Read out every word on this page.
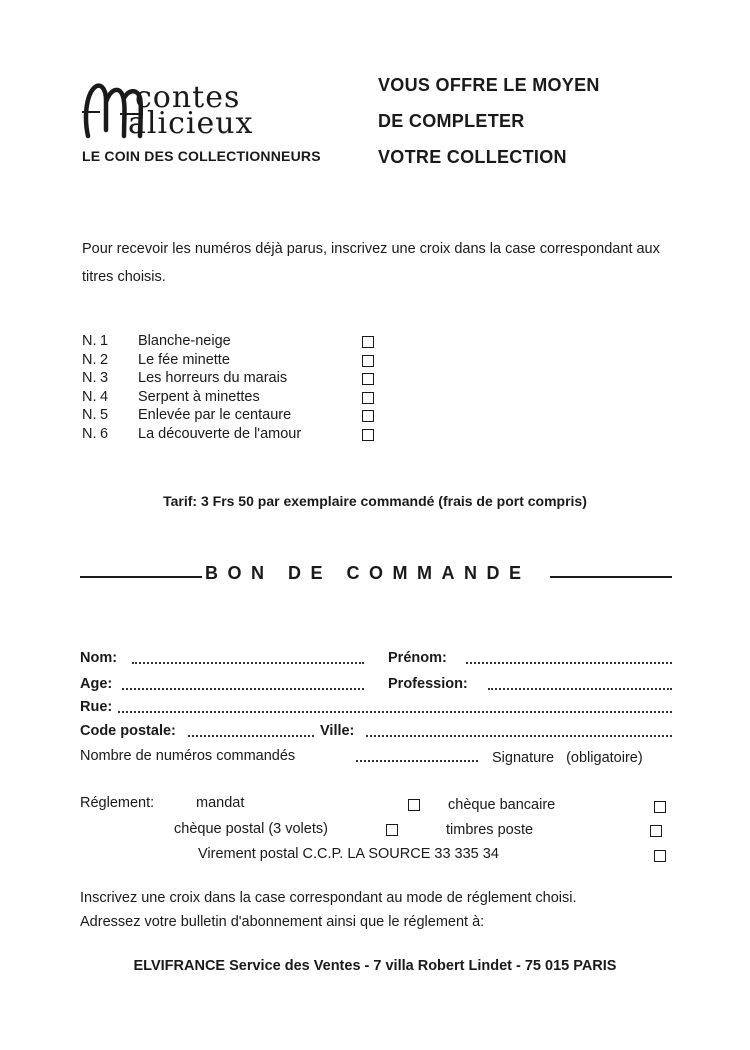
contes
alicieux
LE COIN DES COLLECTIONNEURS
VOUS OFFRE LE MOYEN
DE COMPLETER
VOTRE COLLECTION
Pour recevoir les numéros déjà parus, inscrivez une croix dans la case correspondant aux titres choisis.
N. 1	Blanche-neige
N. 2	Le fée minette
N. 3	Les horreurs du marais
N. 4	Serpent à minettes
N. 5	Enlevée par le centaure
N. 6	La découverte de l'amour
Tarif: 3 Frs 50 par exemplaire commandé (frais de port compris)
BON DE COMMANDE
Nom:	Prénom:
Age:	Profession:
Rue:
Code postale:	Ville:
Nombre de numéros commandés	Signature (obligatoire)
Réglement:	mandat	chèque bancaire
chèque postal (3 volets)	timbres poste
Virement postal C.C.P. LA SOURCE 33 335 34
Inscrivez une croix dans la case correspondant au mode de réglement choisi.
Adressez votre bulletin d'abonnement ainsi que le réglement à:
ELVIFRANCE Service des Ventes - 7 villa Robert Lindet - 75 015 PARIS
